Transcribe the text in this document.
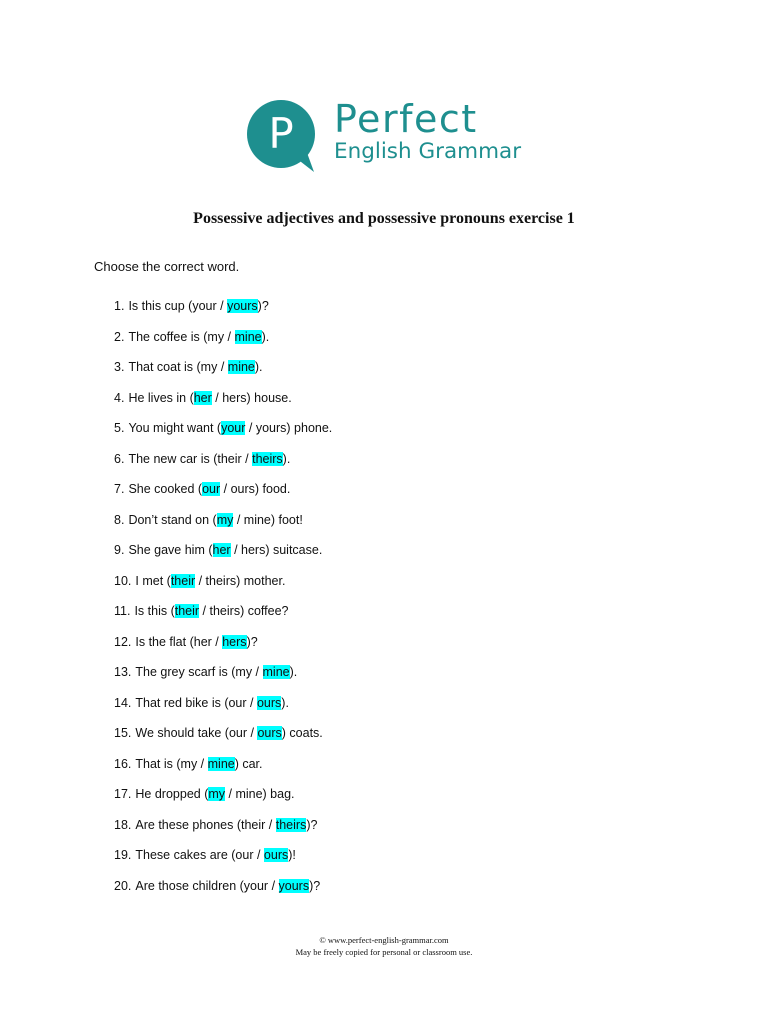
P Perfect
English Grammar
Possessive adjectives and possessive pronouns exercise 1
Choose the correct word.
1. Is this cup (your / yours)?
2. The coffee is (my / mine).
3. That coat is (my / mine).
4. He lives in (her / hers) house.
5. You might want (your / yours) phone.
6. The new car is (their / theirs).
7. She cooked (our / ours) food.
8. Don’t stand on (my / mine) foot!
9. She gave him (her / hers) suitcase.
10. I met (their / theirs) mother.
11. Is this (their / theirs) coffee?
12. Is the flat (her / hers)?
13. The grey scarf is (my / mine).
14. That red bike is (our / ours).
15. We should take (our / ours) coats.
16. That is (my / mine) car.
17. He dropped (my / mine) bag.
18. Are these phones (their / theirs)?
19. These cakes are (our / ours)!
20. Are those children (your / yours)?
© www.perfect-english-grammar.com
May be freely copied for personal or classroom use.
